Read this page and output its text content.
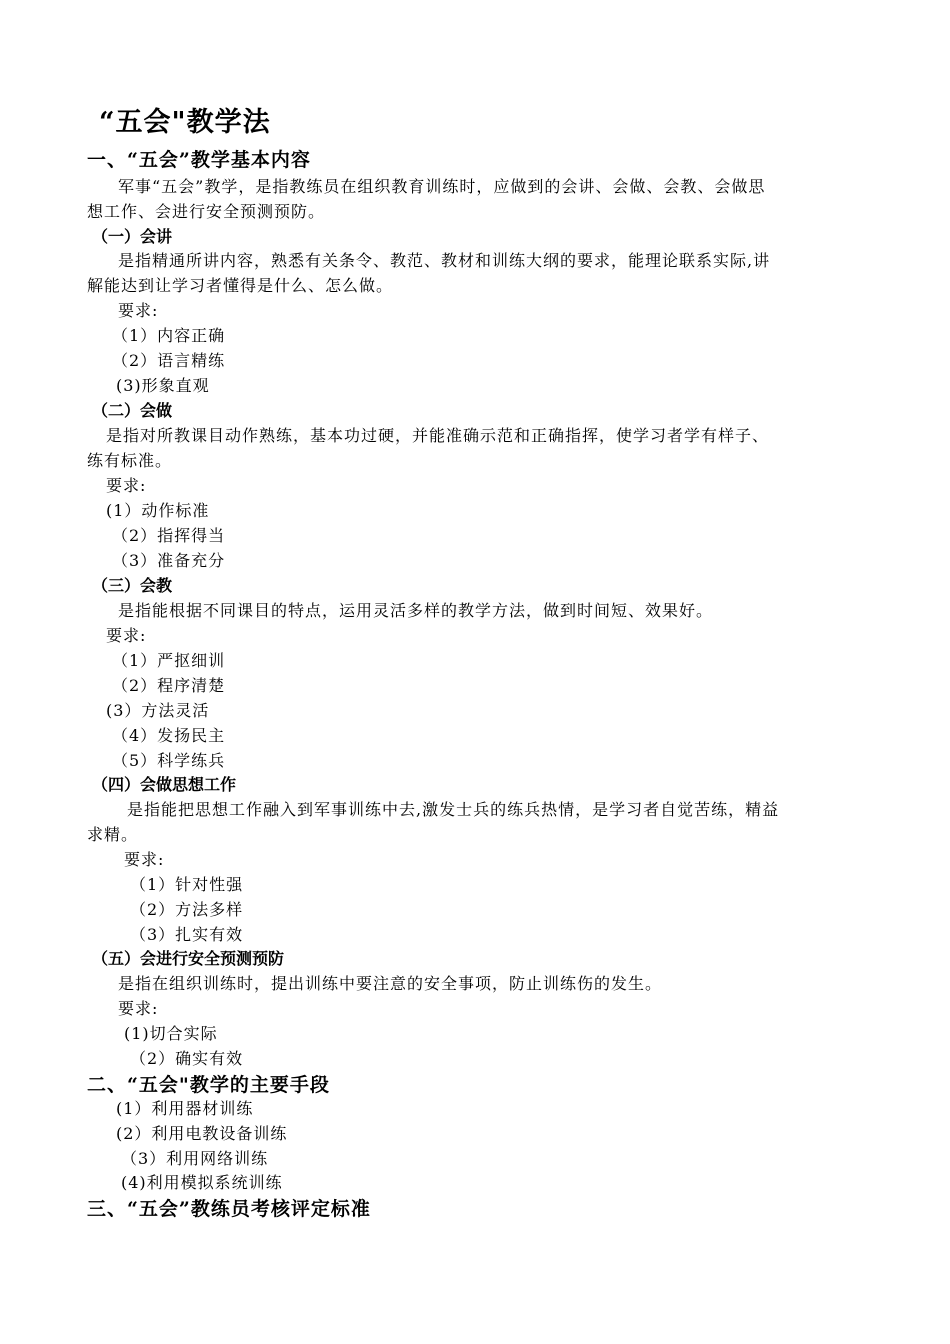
“五会"教学法
一、“五会”教学基本内容
军事“五会”教学，是指教练员在组织教育训练时，应做到的会讲、会做、会教、会做思
想工作、会进行安全预测预防。
（一）会讲
是指精通所讲内容，熟悉有关条令、教范、教材和训练大纲的要求，能理论联系实际,讲
解能达到让学习者懂得是什么、怎么做。
要求:
（1）内容正确
（2）语言精练
(3)形象直观
（二）会做
是指对所教课目动作熟练，基本功过硬，并能准确示范和正确指挥，使学习者学有样子、
练有标准。
要求:
(1）动作标准
（2）指挥得当
（3）准备充分
（三）会教
是指能根据不同课目的特点，运用灵活多样的教学方法，做到时间短、效果好。
要求:
（1）严抠细训
（2）程序清楚
(3）方法灵活
（4）发扬民主
（5）科学练兵
（四）会做思想工作
是指能把思想工作融入到军事训练中去,激发士兵的练兵热情，是学习者自觉苦练，精益
求精。
要求:
（1）针对性强
（2）方法多样
（3）扎实有效
（五）会进行安全预测预防
是指在组织训练时，提出训练中要注意的安全事项，防止训练伤的发生。
要求:
(1)切合实际
（2）确实有效
二、“五会"教学的主要手段
(1）利用器材训练
(2）利用电教设备训练
（3）利用网络训练
(4)利用模拟系统训练
三、“五会”教练员考核评定标准
